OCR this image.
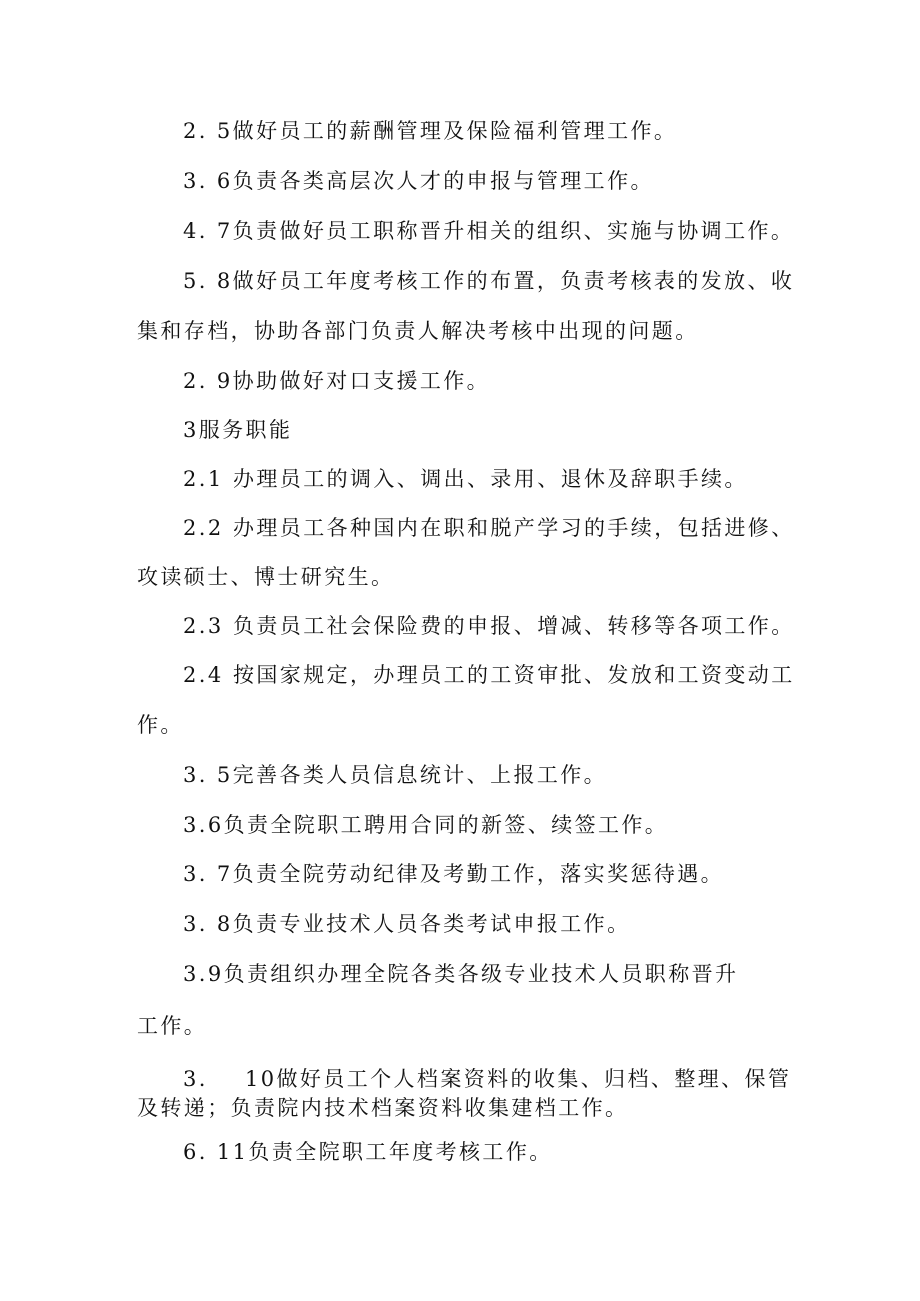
2. 5做好员工的薪酬管理及保险福利管理工作。
3. 6负责各类高层次人才的申报与管理工作。
4. 7负责做好员工职称晋升相关的组织、实施与协调工作。
5. 8做好员工年度考核工作的布置，负责考核表的发放、收
集和存档，协助各部门负责人解决考核中出现的问题。
2. 9协助做好对口支援工作。
3服务职能
2.1 办理员工的调入、调出、录用、退休及辞职手续。
2.2 办理员工各种国内在职和脱产学习的手续，包括进修、
攻读硕士、博士研究生。
2.3 负责员工社会保险费的申报、增减、转移等各项工作。
2.4 按国家规定，办理员工的工资审批、发放和工资变动工
作。
3. 5完善各类人员信息统计、上报工作。
3.6负责全院职工聘用合同的新签、续签工作。
3. 7负责全院劳动纪律及考勤工作，落实奖惩待遇。
3. 8负责专业技术人员各类考试申报工作。
3.9负责组织办理全院各类各级专业技术人员职称晋升
工作。
3. 10做好员工个人档案资料的收集、归档、整理、保管
及转递；负责院内技术档案资料收集建档工作。
6. 11负责全院职工年度考核工作。
